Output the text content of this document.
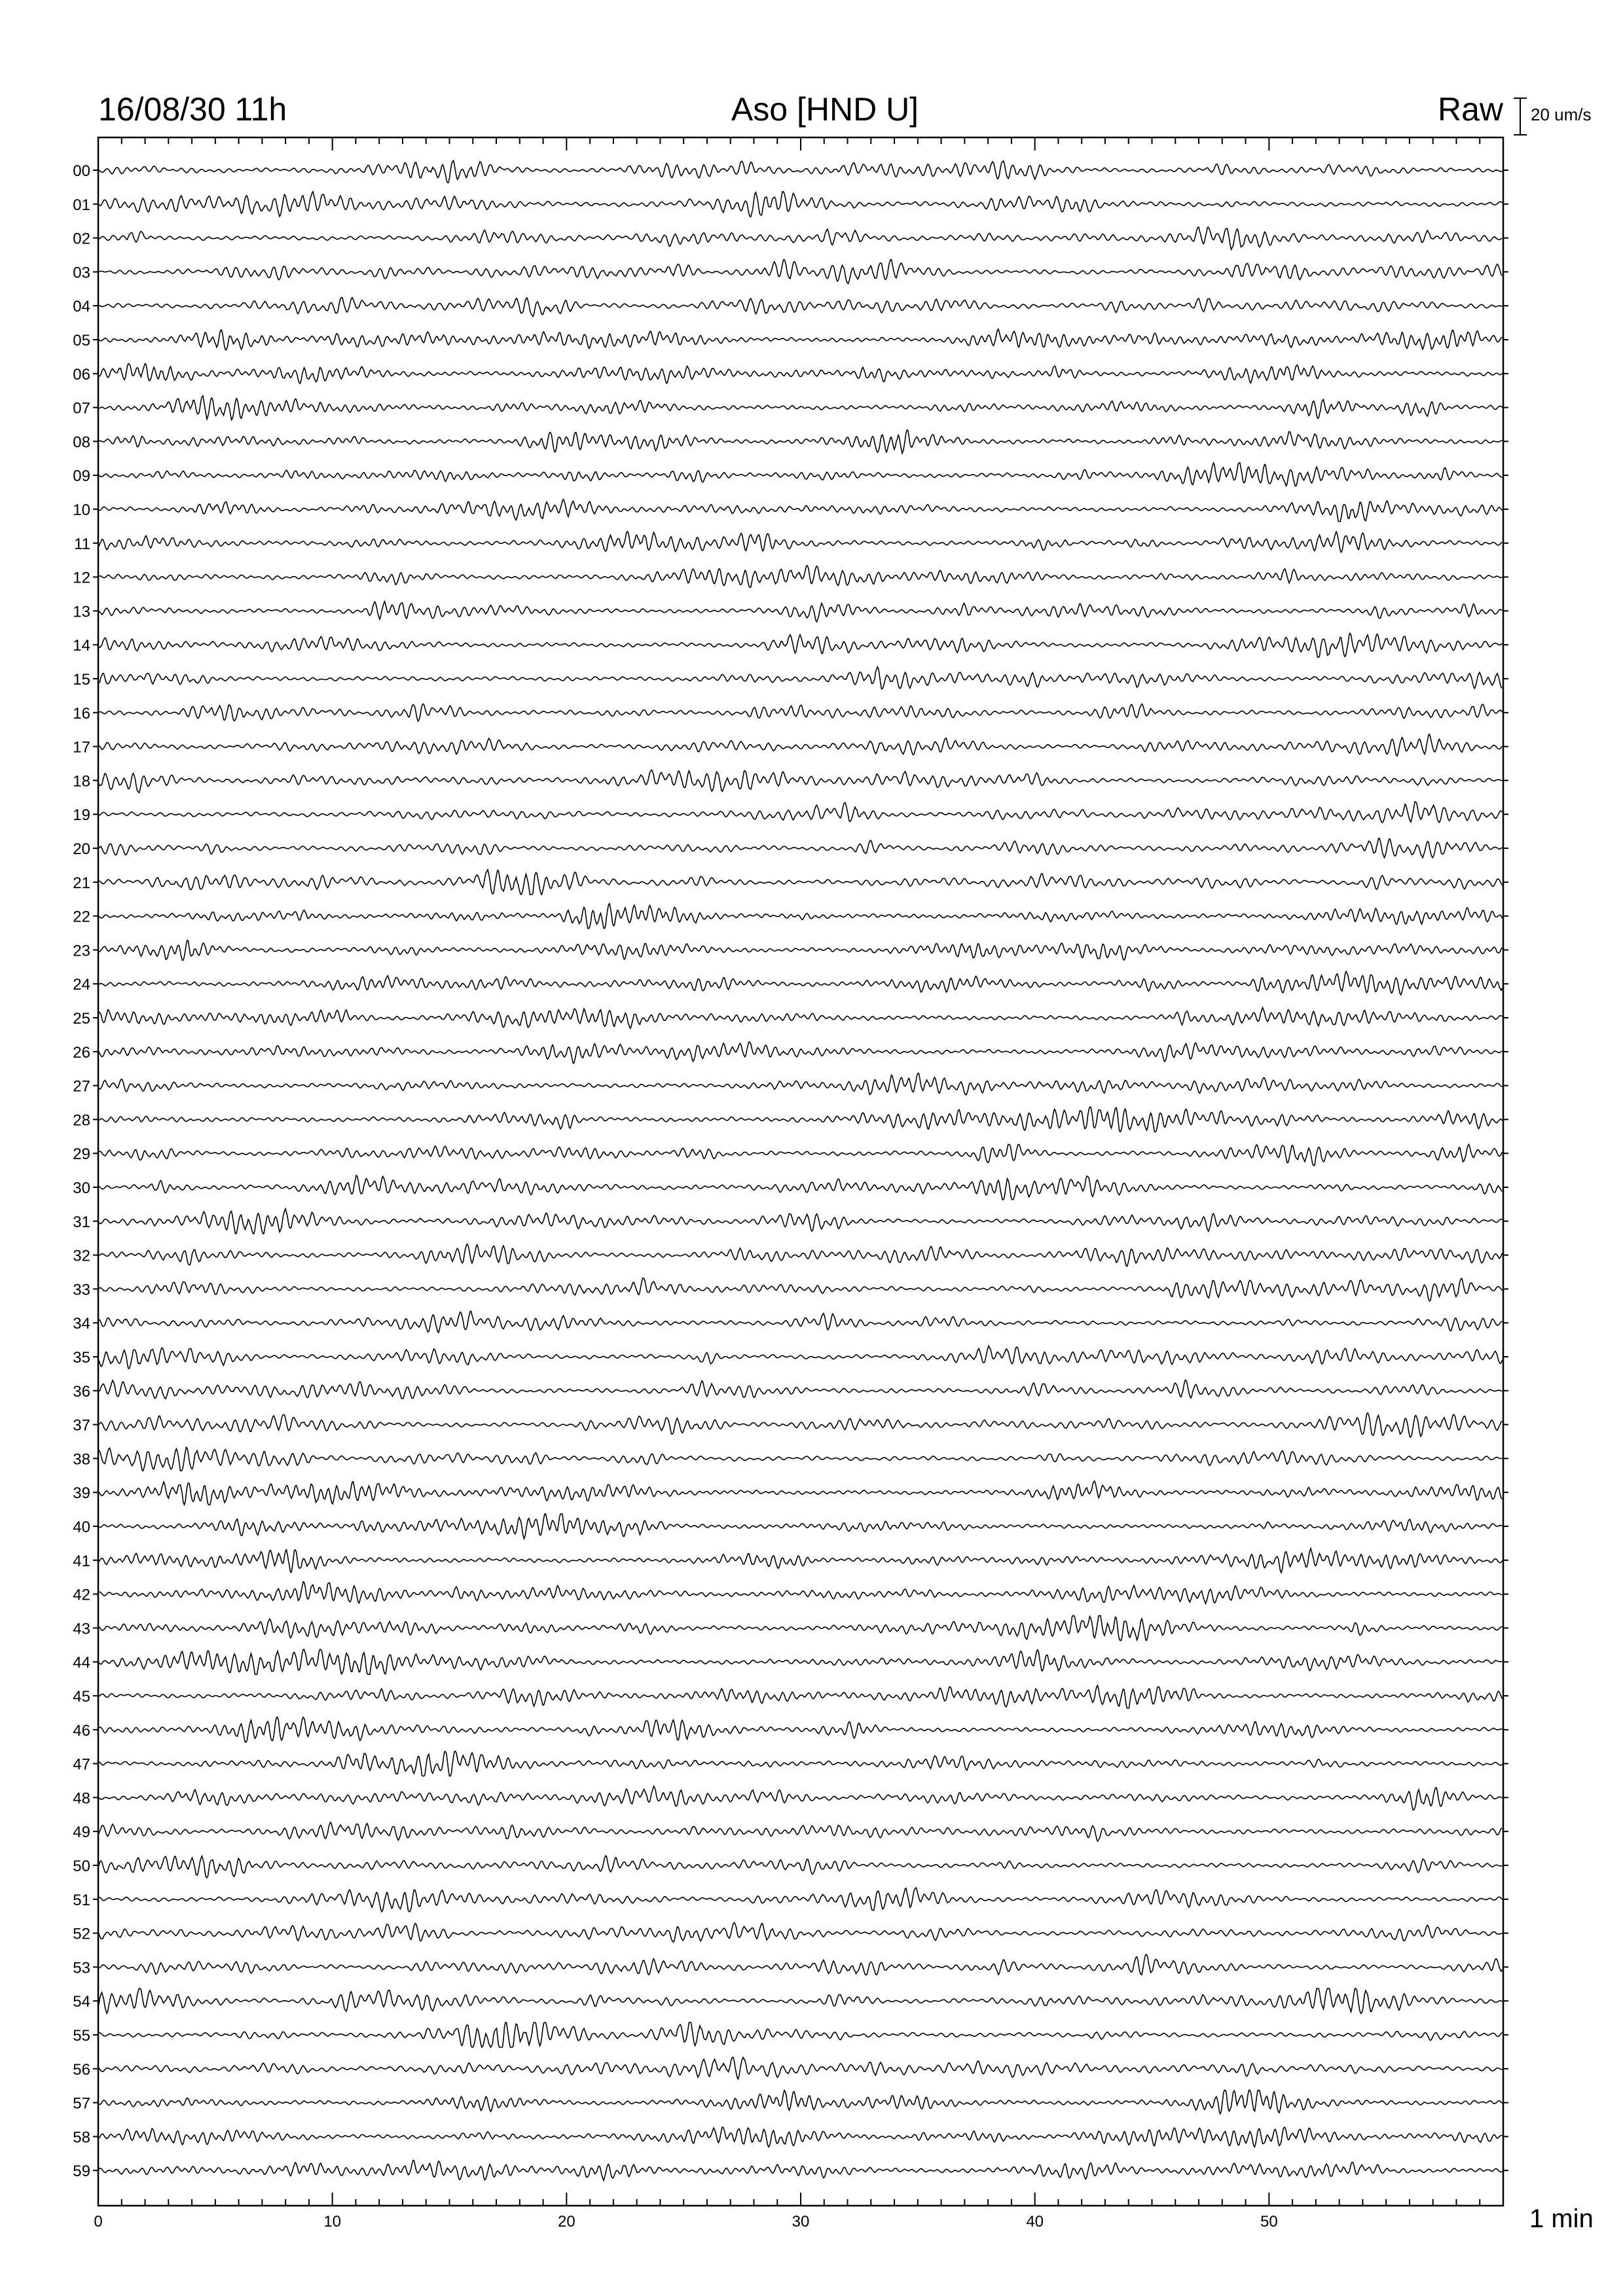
16/08/30 11h	Aso [HND U]	Raw 20 um/s
1 min
0	10	20	30	40	50
00
01
02
03
04
05
06
07
08
09
10
11
12
13
14
15
16
17
18
19
20
21
22
23
24
25
26
27
28
29
30
31
32
33
34
35
36
37
38
39
40
41
42
43
44
45
46
47
48
49
50
51
52
53
54
55
56
57
58
59
